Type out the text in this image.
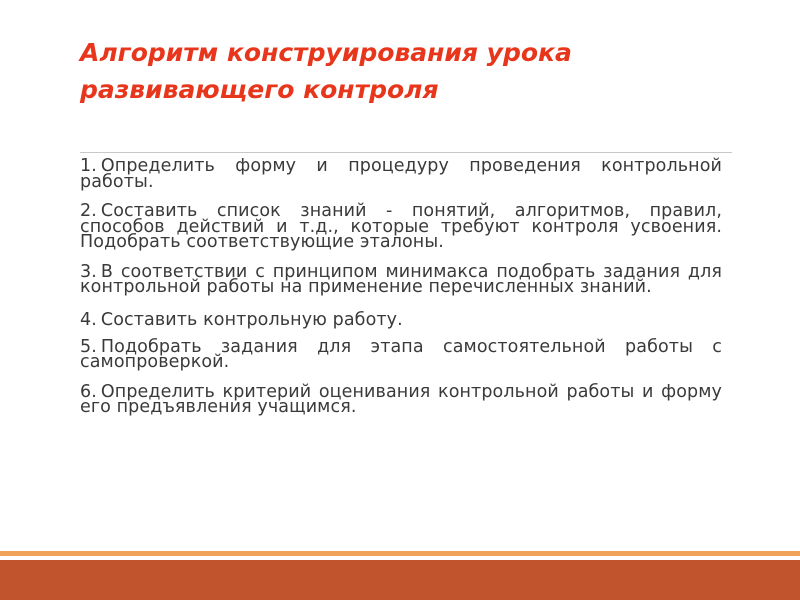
Алгоритм конструирования урока развивающего контроля
1. Определить форму и процедуру проведения контрольной работы.
2. Составить список знаний - понятий, алгоритмов, правил, способов действий и т.д., которые требуют контроля усвоения. Подобрать соответствующие эталоны.
3. В соответствии с принципом минимакса подобрать задания для контрольной работы на применение перечисленных знаний.
4. Составить контрольную работу.
5. Подобрать задания для этапа самостоятельной работы с самопроверкой.
6. Определить критерий оценивания контрольной работы и форму его предъявления учащимся.
